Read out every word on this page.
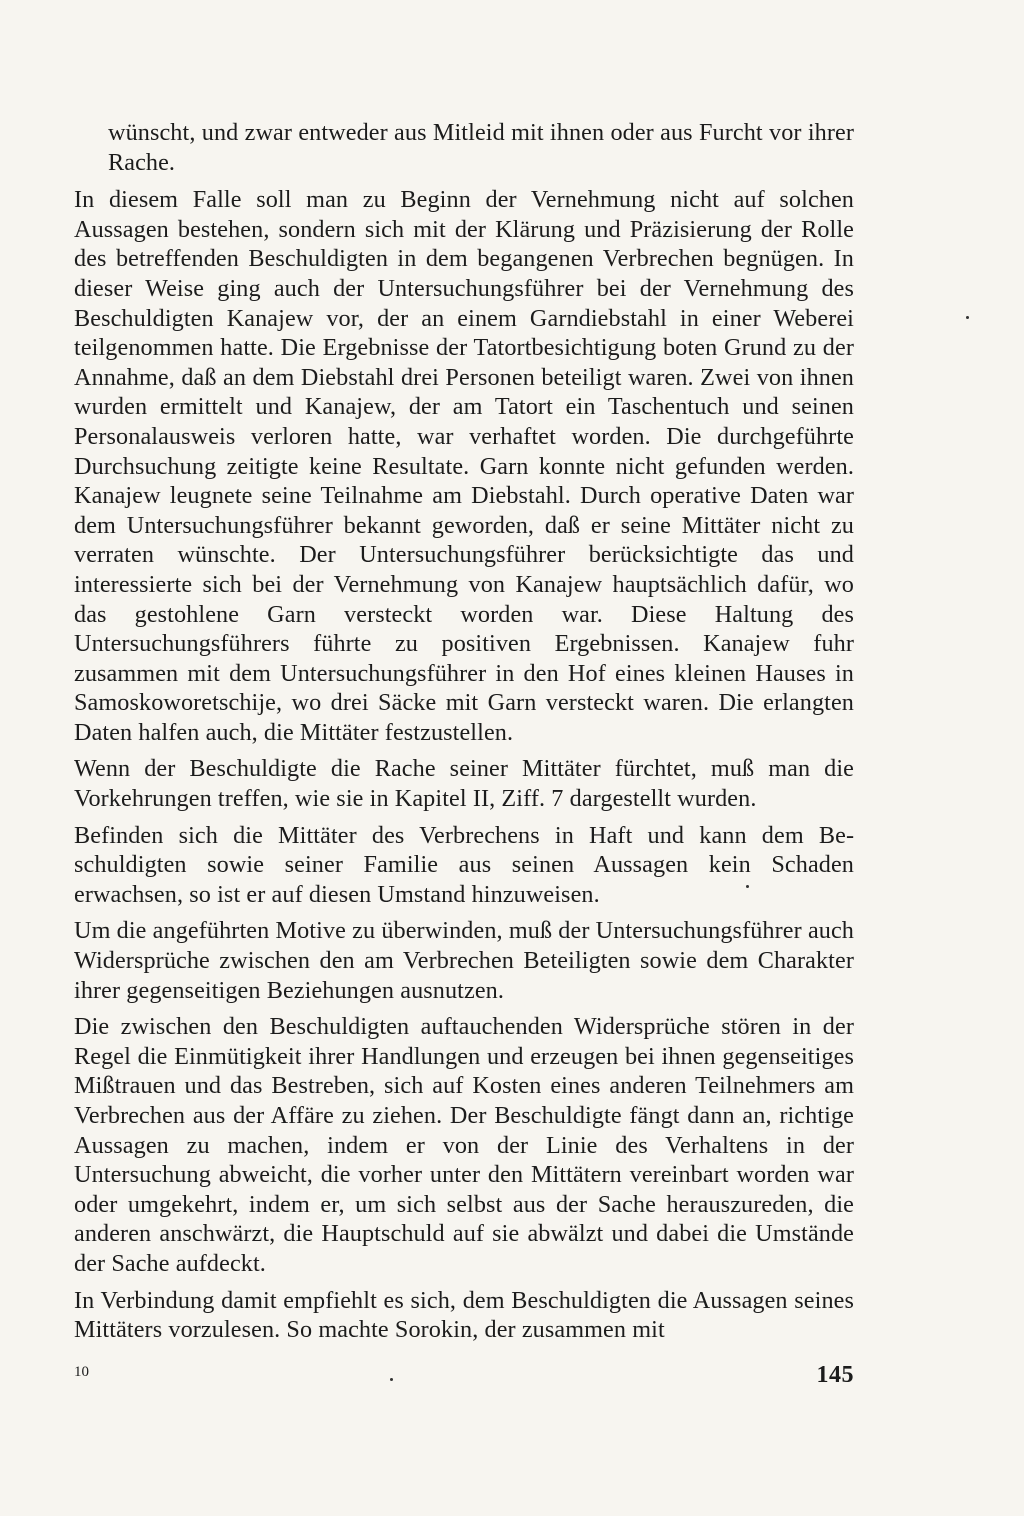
wünscht, und zwar entweder aus Mitleid mit ihnen oder aus Furcht vor ihrer Rache.

In diesem Falle soll man zu Beginn der Vernehmung nicht auf solchen Aussagen bestehen, sondern sich mit der Klärung und Präzisierung der Rolle des betreffenden Beschuldigten in dem begangenen Verbrechen begnügen. In dieser Weise ging auch der Untersuchungsführer bei der Vernehmung des Beschuldigten Kanajew vor, der an einem Garndiebstahl in einer Weberei teilgenommen hatte. Die Ergebnisse der Tatortbesichtigung boten Grund zu der Annahme, daß an dem Diebstahl drei Personen beteiligt waren. Zwei von ihnen wurden ermittelt und Kanajew, der am Tatort ein Taschentuch und seinen Personalausweis verloren hatte, war verhaftet worden. Die durchgeführte Durchsuchung zeitigte keine Resultate. Garn konnte nicht gefunden werden. Kanajew leugnete seine Teilnahme am Diebstahl. Durch operative Daten war dem Untersuchungsführer bekannt geworden, daß er seine Mittäter nicht zu verraten wünschte. Der Untersuchungsführer berücksichtigte das und interessierte sich bei der Vernehmung von Kanajew hauptsächlich dafür, wo das gestohlene Garn versteckt worden war. Diese Haltung des Untersuchungsführers führte zu positiven Ergebnissen. Kanajew fuhr zusammen mit dem Untersuchungsführer in den Hof eines kleinen Hauses in Samoskoworetschije, wo drei Säcke mit Garn versteckt waren. Die erlangten Daten halfen auch, die Mittäter festzustellen.

Wenn der Beschuldigte die Rache seiner Mittäter fürchtet, muß man die Vorkehrungen treffen, wie sie in Kapitel II, Ziff. 7 dargestellt wurden.

Befinden sich die Mittäter des Verbrechens in Haft und kann dem Beschuldigten sowie seiner Familie aus seinen Aussagen kein Schaden erwachsen, so ist er auf diesen Umstand hinzuweisen.

Um die angeführten Motive zu überwinden, muß der Untersuchungsführer auch Widersprüche zwischen den am Verbrechen Beteiligten sowie dem Charakter ihrer gegenseitigen Beziehungen ausnutzen.

Die zwischen den Beschuldigten auftauchenden Widersprüche stören in der Regel die Einmütigkeit ihrer Handlungen und erzeugen bei ihnen gegenseitiges Mißtrauen und das Bestreben, sich auf Kosten eines anderen Teilnehmers am Verbrechen aus der Affäre zu ziehen. Der Beschuldigte fängt dann an, richtige Aussagen zu machen, indem er von der Linie des Verhaltens in der Untersuchung abweicht, die vorher unter den Mittätern vereinbart worden war oder umgekehrt, indem er, um sich selbst aus der Sache herauszureden, die anderen anschwärzt, die Hauptschuld auf sie abwälzt und dabei die Umstände der Sache aufdeckt.

In Verbindung damit empfiehlt es sich, dem Beschuldigten die Aussagen seines Mittäters vorzulesen. So machte Sorokin, der zusammen mit

10	145
